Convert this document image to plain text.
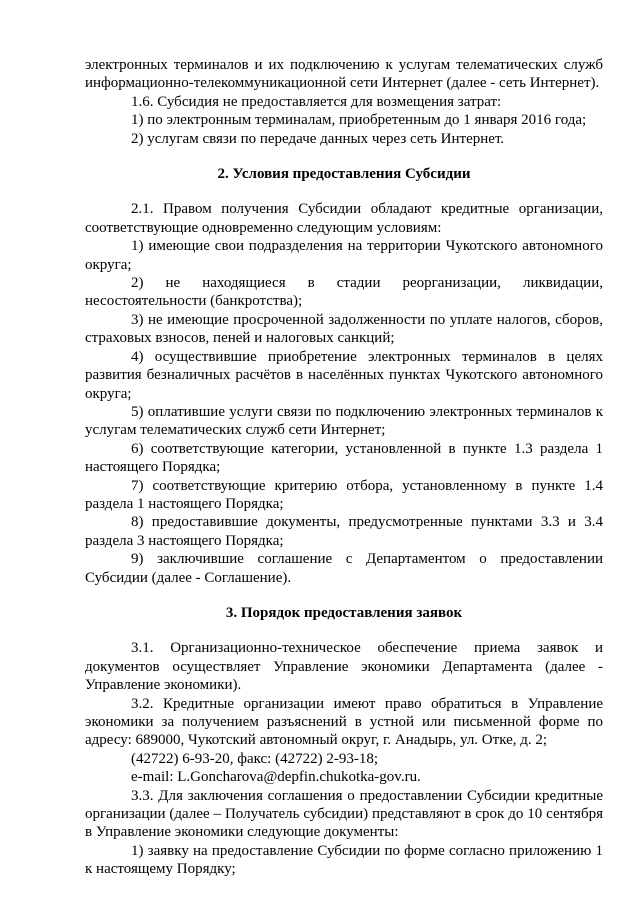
электронных терминалов и их подключению к услугам телематических служб информационно-телекоммуникационной сети Интернет (далее - сеть Интернет).

1.6. Субсидия не предоставляется для возмещения затрат:

1) по электронным терминалам, приобретенным до 1 января 2016 года;

2) услугам связи по передаче данных через сеть Интернет.

2. Условия предоставления Субсидии

2.1. Правом получения Субсидии обладают кредитные организации, соответствующие одновременно следующим условиям:

1) имеющие свои подразделения на территории Чукотского автономного округа;

2) не находящиеся в стадии реорганизации, ликвидации, несостоятельности (банкротства);

3) не имеющие просроченной задолженности по уплате налогов, сборов, страховых взносов, пеней и налоговых санкций;

4) осуществившие приобретение электронных терминалов в целях развития безналичных расчётов в населённых пунктах Чукотского автономного округа;

5) оплатившие услуги связи по подключению электронных терминалов к услугам телематических служб сети Интернет;

6) соответствующие категории, установленной в пункте 1.3 раздела 1 настоящего Порядка;

7) соответствующие критерию отбора, установленному в пункте 1.4 раздела 1 настоящего Порядка;

8) предоставившие документы, предусмотренные пунктами 3.3 и 3.4 раздела 3 настоящего Порядка;

9) заключившие соглашение с Департаментом о предоставлении Субсидии (далее - Соглашение).

3. Порядок предоставления заявок

3.1. Организационно-техническое обеспечение приема заявок и документов осуществляет Управление экономики Департамента (далее - Управление экономики).

3.2. Кредитные организации имеют право обратиться в Управление экономики за получением разъяснений в устной или письменной форме по адресу: 689000, Чукотский автономный округ, г. Анадырь, ул. Отке, д. 2;

(42722) 6-93-20, факс: (42722) 2-93-18;

e-mail: L.Goncharova@depfin.chukotka-gov.ru.

3.3. Для заключения соглашения о предоставлении Субсидии кредитные организации (далее – Получатель субсидии) представляют в срок до 10 сентября в Управление экономики следующие документы:

1) заявку на предоставление Субсидии по форме согласно приложению 1 к настоящему Порядку;
